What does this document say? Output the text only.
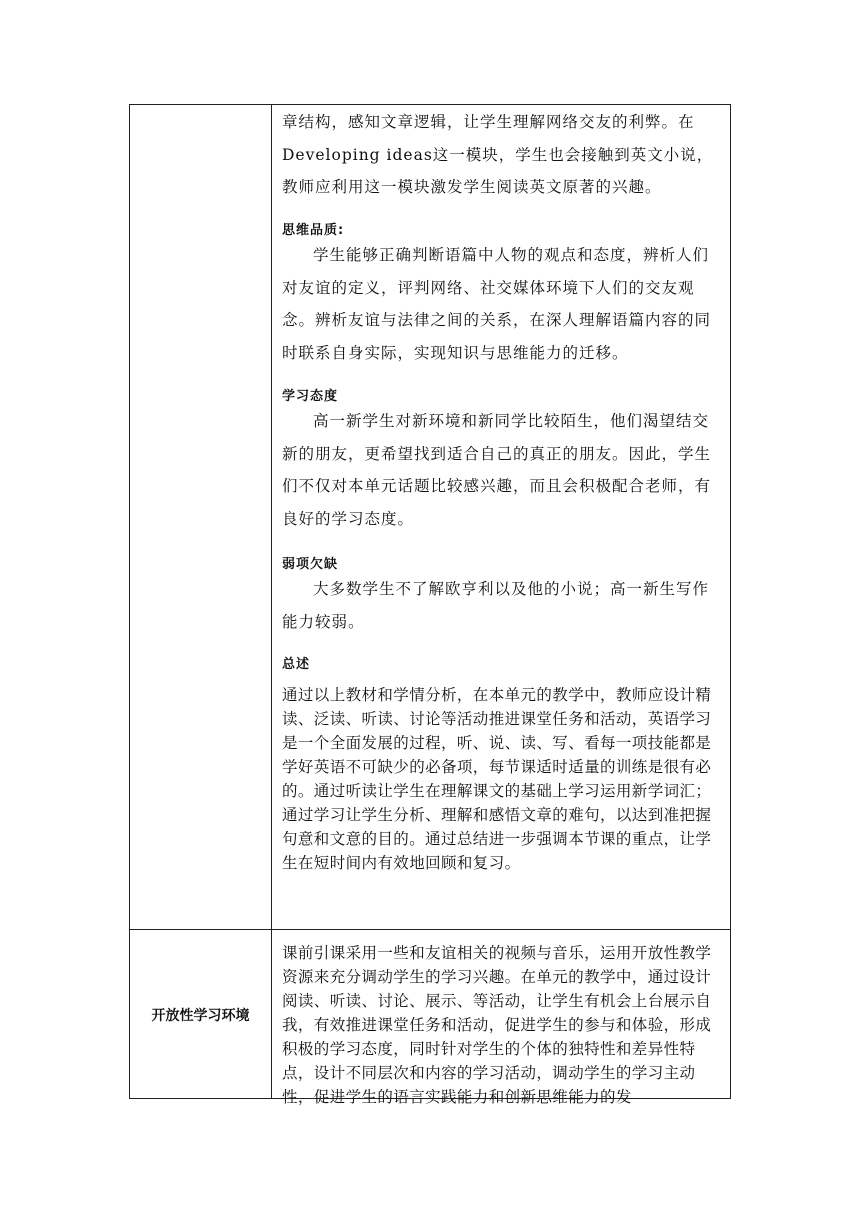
章结构，感知文章逻辑，让学生理解网络交友的利弊。在Developing ideas这一模块，学生也会接触到英文小说，教师应利用这一模块激发学生阅读英文原著的兴趣。

思维品质:

学生能够正确判断语篇中人物的观点和态度，辨析人们对友谊的定义，评判网络、社交媒体环境下人们的交友观念。辨析友谊与法律之间的关系，在深人理解语篇内容的同时联系自身实际，实现知识与思维能力的迁移。

学习态度

高一新学生对新环境和新同学比较陌生，他们渴望结交新的朋友，更希望找到适合自己的真正的朋友。因此，学生们不仅对本单元话题比较感兴趣，而且会积极配合老师，有良好的学习态度。

弱项欠缺

大多数学生不了解欧亨利以及他的小说；高一新生写作能力较弱。

总述

通过以上教材和学情分析，在本单元的教学中，教师应设计精读、泛读、听读、讨论等活动推进课堂任务和活动，英语学习是一个全面发展的过程，听、说、读、写、看每一项技能都是学好英语不可缺少的必备项，每节课适时适量的训练是很有必的。通过听读让学生在理解课文的基础上学习运用新学词汇；通过学习让学生分析、理解和感悟文章的难句，以达到准把握句意和文意的目的。通过总结进一步强调本节课的重点，让学生在短时间内有效地回顾和复习。

开放性学习环境

课前引课采用一些和友谊相关的视频与音乐，运用开放性教学资源来充分调动学生的学习兴趣。在单元的教学中，通过设计阅读、听读、讨论、展示、等活动，让学生有机会上台展示自我，有效推进课堂任务和活动，促进学生的参与和体验，形成积极的学习态度，同时针对学生的个体的独特性和差异性特点，设计不同层次和内容的学习活动，调动学生的学习主动性，促进学生的语言实践能力和创新思维能力的发
